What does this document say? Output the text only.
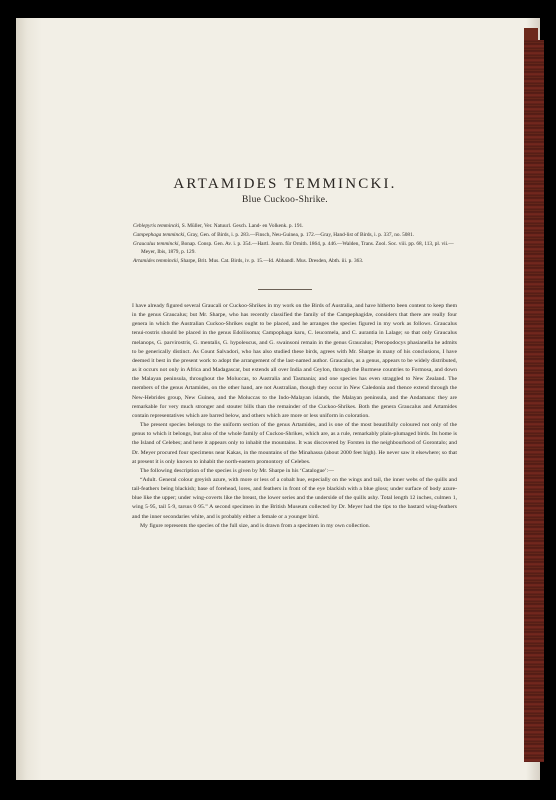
ARTAMIDES TEMMINCKI.
Blue Cuckoo-Shrike.
Ceblepyris temmincki, S. Müller, Ver. Natuurl. Gesch. Land- en Volkenk. p. 191.
Campephaga temmincki, Gray, Gen. of Birds, i. p. 283.—Finsch, Neu-Guinea, p. 172.—Gray, Hand-list of Birds, i. p. 337, no. 5081.
Graucalus temmincki, Bonap. Consp. Gen. Av. i. p. 354.—Hartl. Journ. für Ornith. 1864, p. 446.—Walden, Trans. Zool. Soc. viii. pp. 68, 113, pl. vii.—Meyer, Ibis, 1879, p. 129.
Artamides temmincki, Sharpe, Brit. Mus. Cat. Birds, iv. p. 15.—Id. Abhandl. Mus. Dresden, Abth. iii. p. 363.

I have already figured several Graucali or Cuckoo-Shrikes in my work on the Birds of Australia, and have hitherto been content to keep them in the genus Graucalus; but Mr. Sharpe, who has recently classified the family of the Campephagidæ, considers that there are really four genera in which the Australian Cuckoo-Shrikes ought to be placed, and he arranges the species figured in my work as follows. Graucalus tenui-rostris should be placed in the genus Edoliisoma; Campophaga karu, C. leucomela, and C. aurantia in Lalage; so that only Graucalus melanops, G. parvirostris, G. mentalis, G. hypoleucus, and G. swainsoni remain in the genus Graucalus; Pteropodocys phasianella he admits to be generically distinct. As Count Salvadori, who has also studied these birds, agrees with Mr. Sharpe in many of his conclusions, I have deemed it best in the present work to adopt the arrangement of the last-named author. Graucalus, as a genus, appears to be widely distributed, as it occurs not only in Africa and Madagascar, but extends all over India and Ceylon, through the Burmese countries to Formosa, and down the Malayan peninsula, throughout the Moluccas, to Australia and Tasmania; and one species has even straggled to New Zealand. The members of the genus Artamides, on the other hand, are not Australian, though they occur in New Caledonia and thence extend through the New-Hebrides group, New Guinea, and the Moluccas to the Indo-Malayan islands, the Malayan peninsula, and the Andamans: they are remarkable for very much stronger and stouter bills than the remainder of the Cuckoo-Shrikes. Both the genera Graucalus and Artamides contain representatives which are barred below, and others which are more or less uniform in coloration.

The present species belongs to the uniform section of the genus Artamides, and is one of the most beautifully coloured not only of the genus to which it belongs, but also of the whole family of Cuckoo-Shrikes, which are, as a rule, remarkably plain-plumaged birds. Its home is the Island of Celebes; and here it appears only to inhabit the mountains. It was discovered by Forsten in the neighbourhood of Gorontalo; and Dr. Meyer procured four specimens near Kakas, in the mountains of the Minahassa (about 2000 feet high). He never saw it elsewhere; so that at present it is only known to inhabit the north-eastern promontory of Celebes.

The following description of the species is given by Mr. Sharpe in his ‘Catalogue’:—

“Adult. General colour greyish azure, with more or less of a cobalt hue, especially on the wings and tail, the inner webs of the quills and tail-feathers being blackish; base of forehead, lores, and feathers in front of the eye blackish with a blue gloss; under surface of body azure-blue like the upper; under wing-coverts like the breast, the lower series and the underside of the quills ashy. Total length 12 inches, culmen 1, wing 5·95, tail 5·9, tarsus 0·95.” A second specimen in the British Museum collected by Dr. Meyer had the tips to the bastard wing-feathers and the inner secondaries white, and is probably either a female or a younger bird.

My figure represents the species of the full size, and is drawn from a specimen in my own collection.
